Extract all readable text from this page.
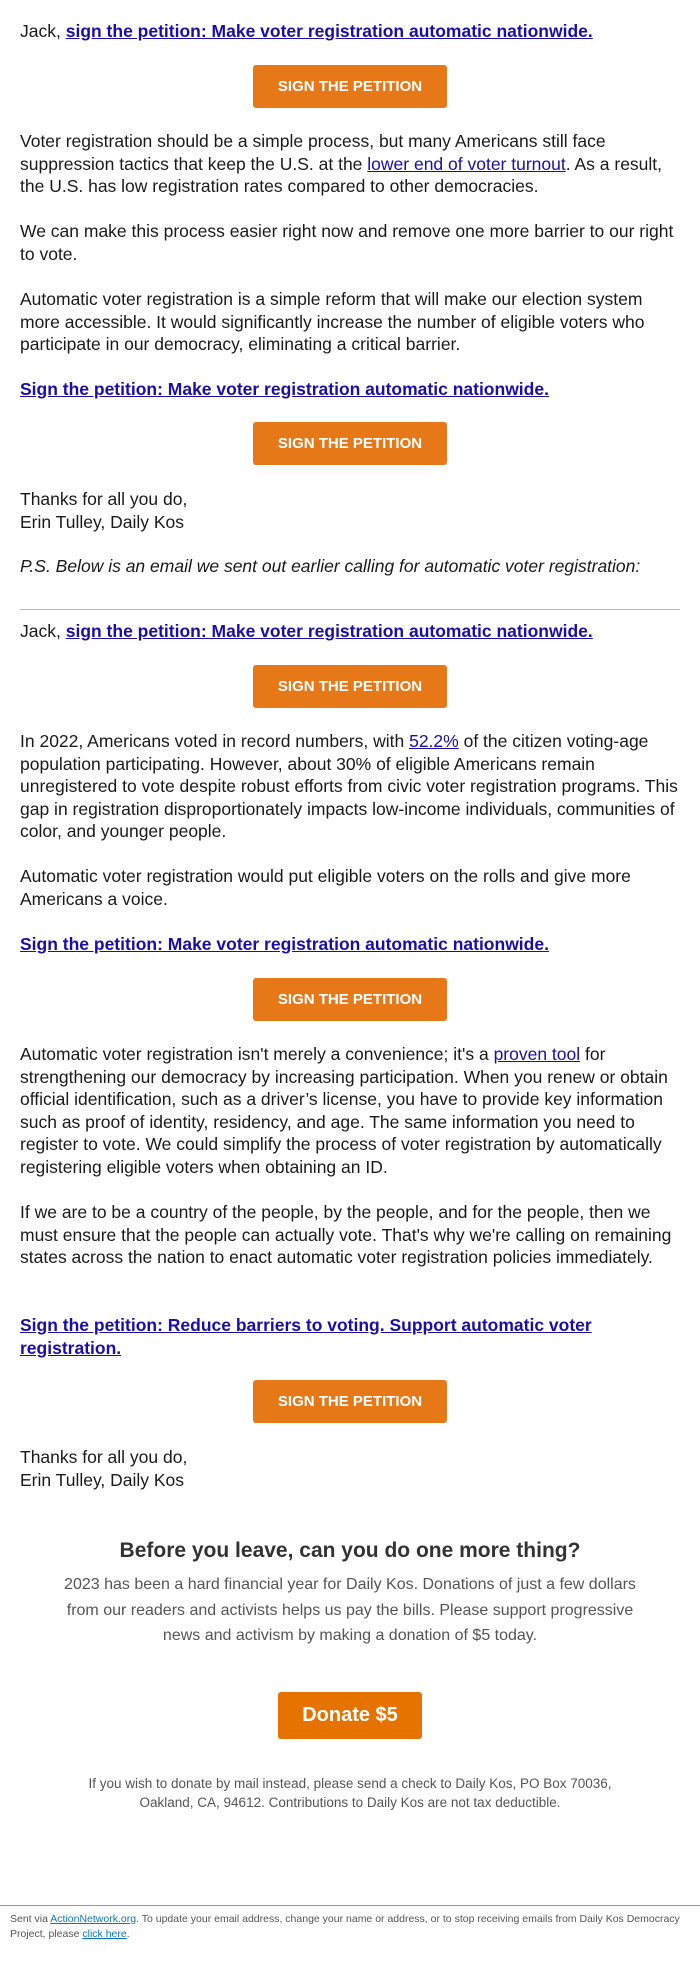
Jack, sign the petition: Make voter registration automatic nationwide.

SIGN THE PETITION

Voter registration should be a simple process, but many Americans still face suppression tactics that keep the U.S. at the lower end of voter turnout. As a result, the U.S. has low registration rates compared to other democracies.

We can make this process easier right now and remove one more barrier to our right to vote.

Automatic voter registration is a simple reform that will make our election system more accessible. It would significantly increase the number of eligible voters who participate in our democracy, eliminating a critical barrier.

Sign the petition: Make voter registration automatic nationwide.

SIGN THE PETITION

Thanks for all you do,
Erin Tulley, Daily Kos

P.S. Below is an email we sent out earlier calling for automatic voter registration:

Jack, sign the petition: Make voter registration automatic nationwide.

SIGN THE PETITION

In 2022, Americans voted in record numbers, with 52.2% of the citizen voting-age population participating. However, about 30% of eligible Americans remain unregistered to vote despite robust efforts from civic voter registration programs. This gap in registration disproportionately impacts low-income individuals, communities of color, and younger people.

Automatic voter registration would put eligible voters on the rolls and give more Americans a voice.

Sign the petition: Make voter registration automatic nationwide.

SIGN THE PETITION

Automatic voter registration isn't merely a convenience; it's a proven tool for strengthening our democracy by increasing participation. When you renew or obtain official identification, such as a driver’s license, you have to provide key information such as proof of identity, residency, and age. The same information you need to register to vote. We could simplify the process of voter registration by automatically registering eligible voters when obtaining an ID.

If we are to be a country of the people, by the people, and for the people, then we must ensure that the people can actually vote. That's why we're calling on remaining states across the nation to enact automatic voter registration policies immediately.

Sign the petition: Reduce barriers to voting. Support automatic voter registration.

SIGN THE PETITION

Thanks for all you do,
Erin Tulley, Daily Kos

Before you leave, can you do one more thing?
2023 has been a hard financial year for Daily Kos. Donations of just a few dollars from our readers and activists helps us pay the bills. Please support progressive news and activism by making a donation of $5 today.
Donate $5
If you wish to donate by mail instead, please send a check to Daily Kos, PO Box 70036, Oakland, CA, 94612. Contributions to Daily Kos are not tax deductible.
Sent via ActionNetwork.org. To update your email address, change your name or address, or to stop receiving emails from Daily Kos Democracy Project, please click here.
